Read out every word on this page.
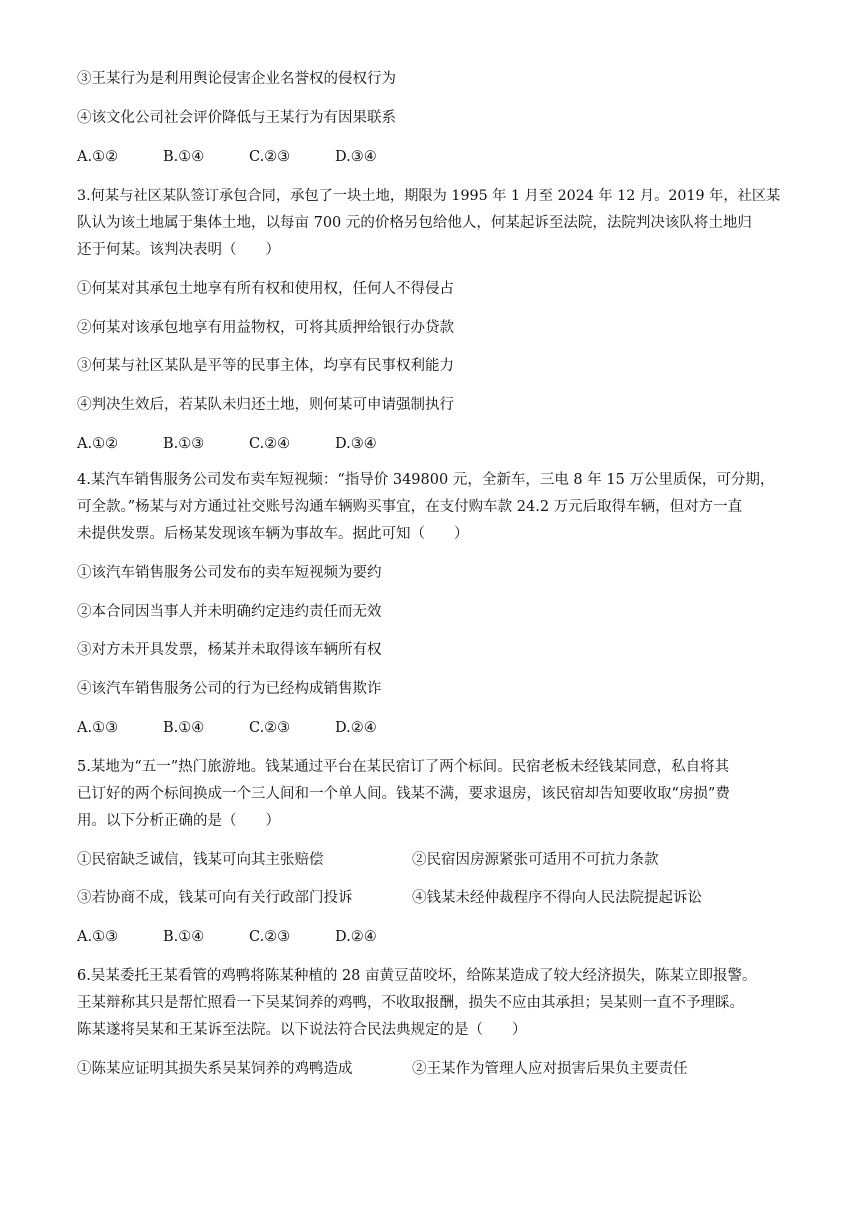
③王某行为是利用舆论侵害企业名誉权的侵权行为
④该文化公司社会评价降低与王某行为有因果联系
A.①②	B.①④	C.②③	D.③④
3.何某与社区某队签订承包合同，承包了一块土地，期限为 1995 年 1 月至 2024 年 12 月。2019 年，社区某
队认为该土地属于集体土地，以每亩 700 元的价格另包给他人，何某起诉至法院，法院判决该队将土地归
还于何某。该判决表明（　　）
①何某对其承包土地享有所有权和使用权，任何人不得侵占
②何某对该承包地享有用益物权，可将其质押给银行办贷款
③何某与社区某队是平等的民事主体，均享有民事权利能力
④判决生效后，若某队未归还土地，则何某可申请强制执行
A.①②	B.①③	C.②④	D.③④
4.某汽车销售服务公司发布卖车短视频：“指导价 349800 元，全新车，三电 8 年 15 万公里质保，可分期，
可全款。”杨某与对方通过社交账号沟通车辆购买事宜，在支付购车款 24.2 万元后取得车辆，但对方一直
未提供发票。后杨某发现该车辆为事故车。据此可知（　　）
①该汽车销售服务公司发布的卖车短视频为要约
②本合同因当事人并未明确约定违约责任而无效
③对方未开具发票，杨某并未取得该车辆所有权
④该汽车销售服务公司的行为已经构成销售欺诈
A.①③	B.①④	C.②③	D.②④
5.某地为“五一”热门旅游地。钱某通过平台在某民宿订了两个标间。民宿老板未经钱某同意，私自将其
已订好的两个标间换成一个三人间和一个单人间。钱某不满，要求退房，该民宿却告知要收取“房损”费
用。以下分析正确的是（　　）
①民宿缺乏诚信，钱某可向其主张赔偿	②民宿因房源紧张可适用不可抗力条款
③若协商不成，钱某可向有关行政部门投诉	④钱某未经仲裁程序不得向人民法院提起诉讼
A.①③	B.①④	C.②③	D.②④
6.吴某委托王某看管的鸡鸭将陈某种植的 28 亩黄豆苗咬坏，给陈某造成了较大经济损失，陈某立即报警。
王某辩称其只是帮忙照看一下吴某饲养的鸡鸭，不收取报酬，损失不应由其承担；吴某则一直不予理睬。
陈某遂将吴某和王某诉至法院。以下说法符合民法典规定的是（　　）
①陈某应证明其损失系吴某饲养的鸡鸭造成	②王某作为管理人应对损害后果负主要责任
